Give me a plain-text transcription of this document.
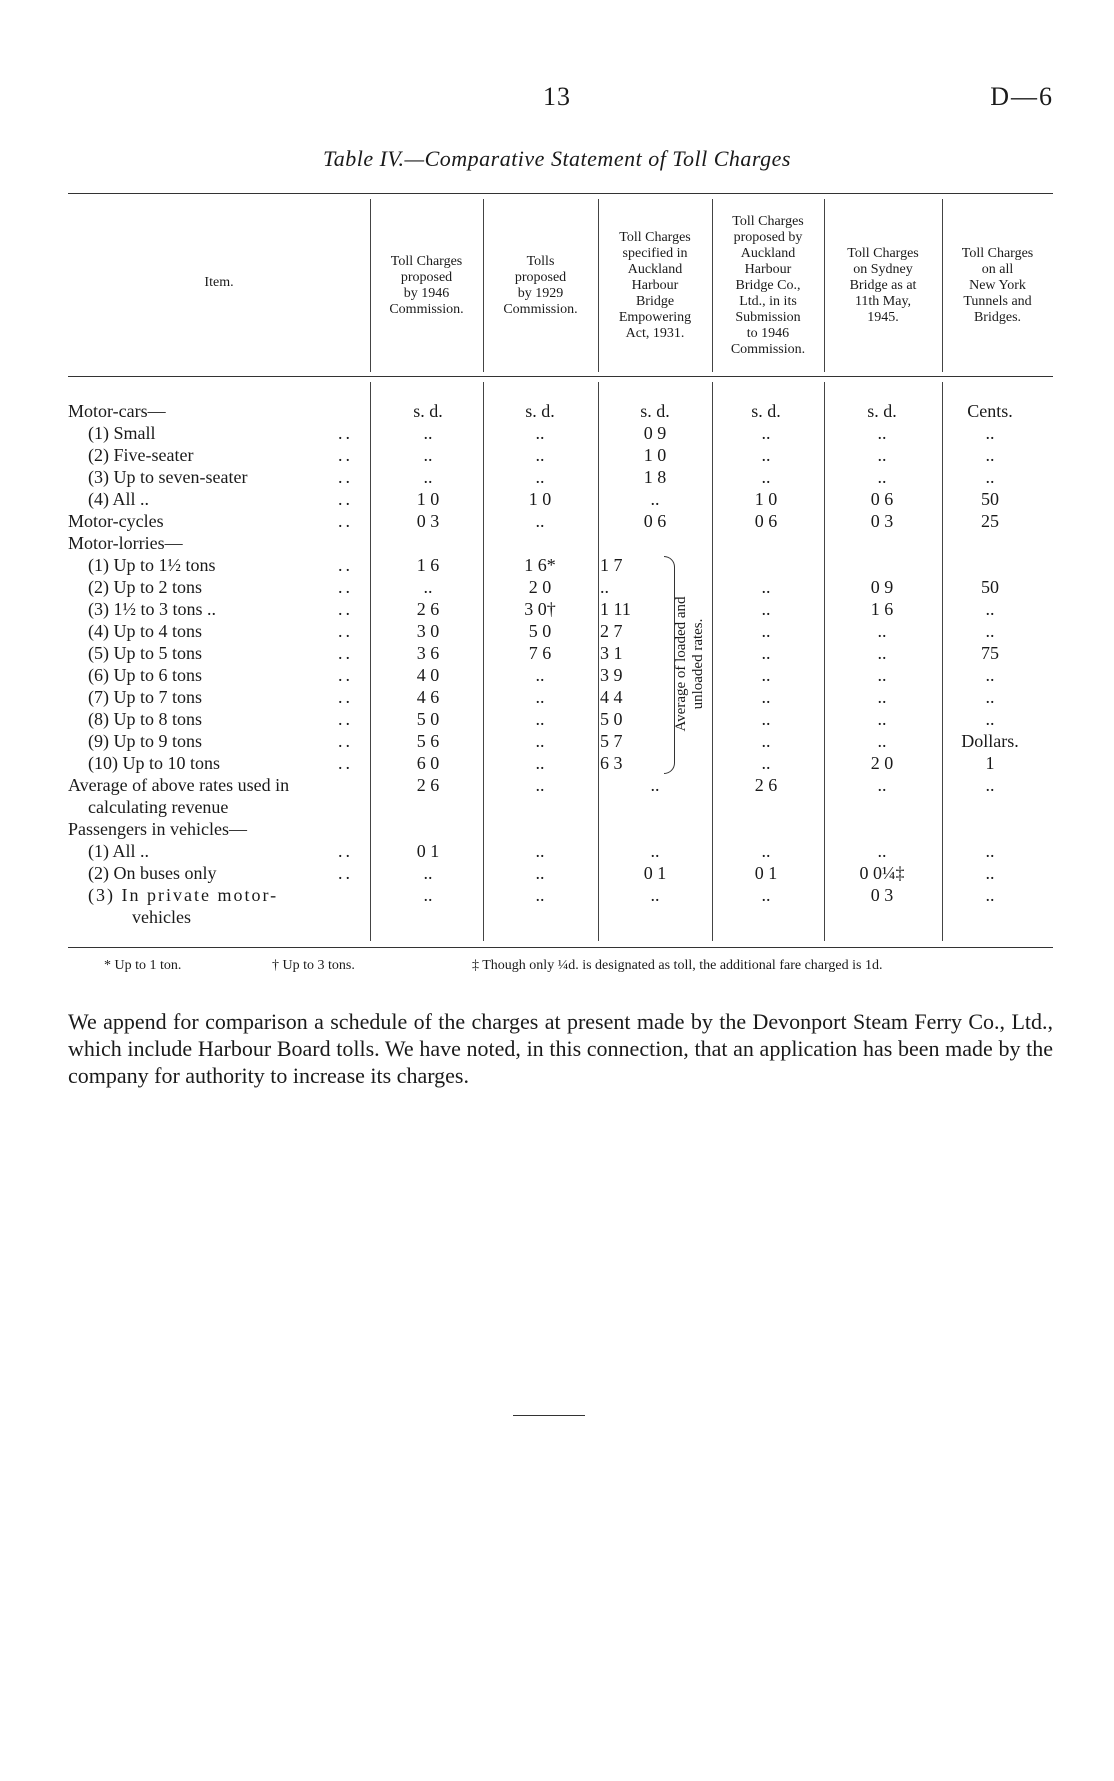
13	D—6
Table IV.—Comparative Statement of Toll Charges
Item.
Toll Charges
proposed
by 1946
Commission.
Tolls
proposed
by 1929
Commission.
Toll Charges
specified in
Auckland
Harbour
Bridge
Empowering
Act, 1931.
Toll Charges
proposed by
Auckland
Harbour
Bridge Co.,
Ltd., in its
Submission
to 1946
Commission.
Toll Charges
on Sydney
Bridge as at
11th May,
1945.
Toll Charges
on all
New York
Tunnels and
Bridges.
Motor-cars—	s. d.	s. d.	s. d.	s. d.	s. d.	Cents.
(1) Small	..	..	..	0 9	..	..	..
(2) Five-seater	..	..	..	1 0	..	..	..
(3) Up to seven-seater	..	..	..	1 8	..	..	..
(4) All ..	..	1 0	1 0	..	1 0	0 6	50
Motor-cycles	..	0 3	..	0 6	0 6	0 3	25
Motor-lorries—
(1) Up to 1½ tons	..	1 6	1 6*	1 7
(2) Up to 2 tons	..	..	2 0	..	..	0 9	50
(3) 1½ to 3 tons ..	..	2 6	3 0†	1 11	..	1 6	..
(4) Up to 4 tons	..	3 0	5 0	2 7	..	..	..
(5) Up to 5 tons	..	3 6	7 6	3 1	..	..	75
(6) Up to 6 tons	..	4 0	..	3 9	..	..	..
(7) Up to 7 tons	..	4 6	..	4 4	..	..	..
(8) Up to 8 tons	..	5 0	..	5 0	..	..	..
(9) Up to 9 tons	..	5 6	..	5 7	..	..	Dollars.
(10) Up to 10 tons	..	6 0	..	6 3	..	2 0	1
Average of above rates used in	2 6	..	..	2 6	..	..
calculating revenue
Passengers in vehicles—
(1) All ..	..	0 1	..	..	..	..	..
(2) On buses only	..	..	..	0 1	0 1	0 0¼‡	..
(3) In private motor-	..	..	..	..	0 3	..
vehicles
Average of loaded and unloaded rates.
* Up to 1 ton.	† Up to 3 tons.	‡ Though only ¼d. is designated as toll, the additional fare charged is 1d.
We append for comparison a schedule of the charges at present made by the Devonport Steam Ferry Co., Ltd., which include Harbour Board tolls. We have noted, in this connection, that an application has been made by the company for authority to increase its charges.
